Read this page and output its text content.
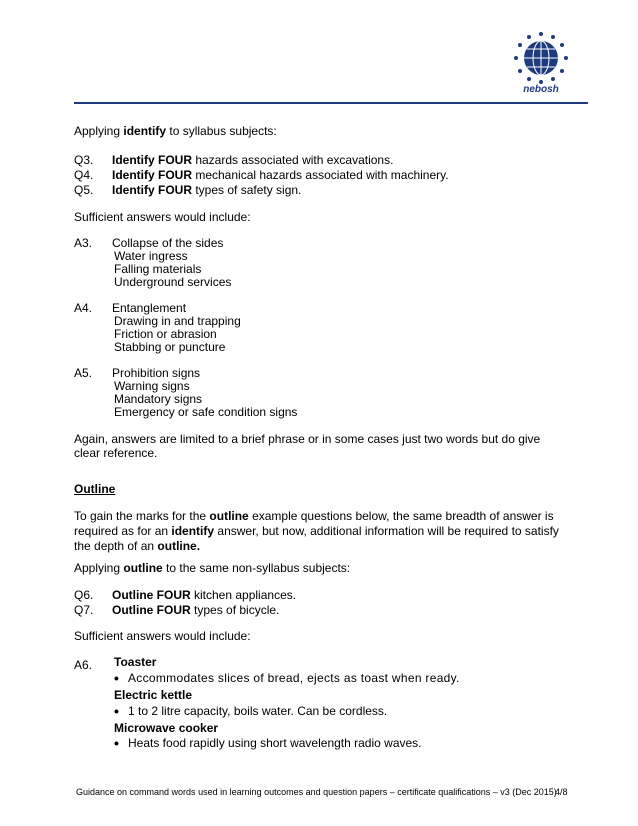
nebosh
Applying identify to syllabus subjects:
Q3. Identify FOUR hazards associated with excavations.
Q4. Identify FOUR mechanical hazards associated with machinery.
Q5. Identify FOUR types of safety sign.
Sufficient answers would include:
A3. Collapse of the sides
Water ingress
Falling materials
Underground services
A4. Entanglement
Drawing in and trapping
Friction or abrasion
Stabbing or puncture
A5. Prohibition signs
Warning signs
Mandatory signs
Emergency or safe condition signs
Again, answers are limited to a brief phrase or in some cases just two words but do give
clear reference.
Outline
To gain the marks for the outline example questions below, the same breadth of answer is
required as for an identify answer, but now, additional information will be required to satisfy
the depth of an outline.
Applying outline to the same non-syllabus subjects:
Q6. Outline FOUR kitchen appliances.
Q7. Outline FOUR types of bicycle.
Sufficient answers would include:
A6. Toaster
• Accommodates slices of bread, ejects as toast when ready.
Electric kettle
• 1 to 2 litre capacity, boils water. Can be cordless.
Microwave cooker
• Heats food rapidly using short wavelength radio waves.
Guidance on command words used in learning outcomes and question papers – certificate qualifications – v3 (Dec 2015)
4/8
